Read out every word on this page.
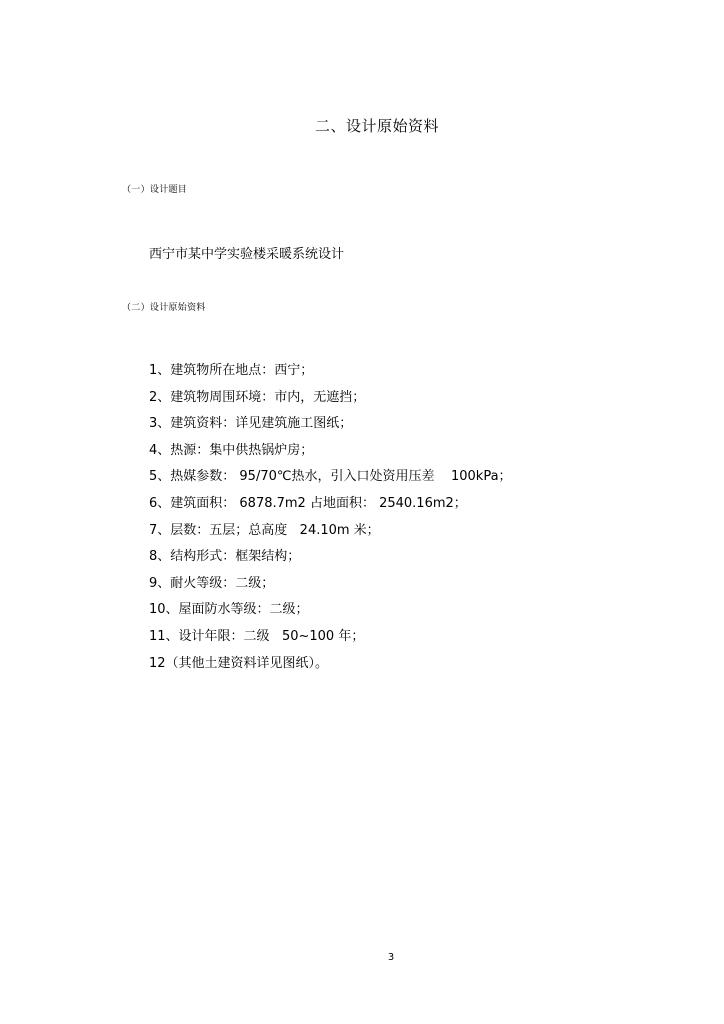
二、设计原始资料
（一）设计题目
西宁市某中学实验楼采暖系统设计
（二）设计原始资料
1、建筑物所在地点：西宁；
2、建筑物周围环境：市内，无遮挡；
3、建筑资料：详见建筑施工图纸；
4、热源：集中供热锅炉房；
5、热媒参数： 95/70℃热水，引入口处资用压差    100kPa；
6、建筑面积： 6878.7m2 占地面积： 2540.16m2；
7、层数：五层；总高度   24.10m 米；
8、结构形式：框架结构；
9、耐火等级：二级；
10、屋面防水等级：二级；
11、设计年限：二级   50~100 年；
12（其他土建资料详见图纸）。
3
